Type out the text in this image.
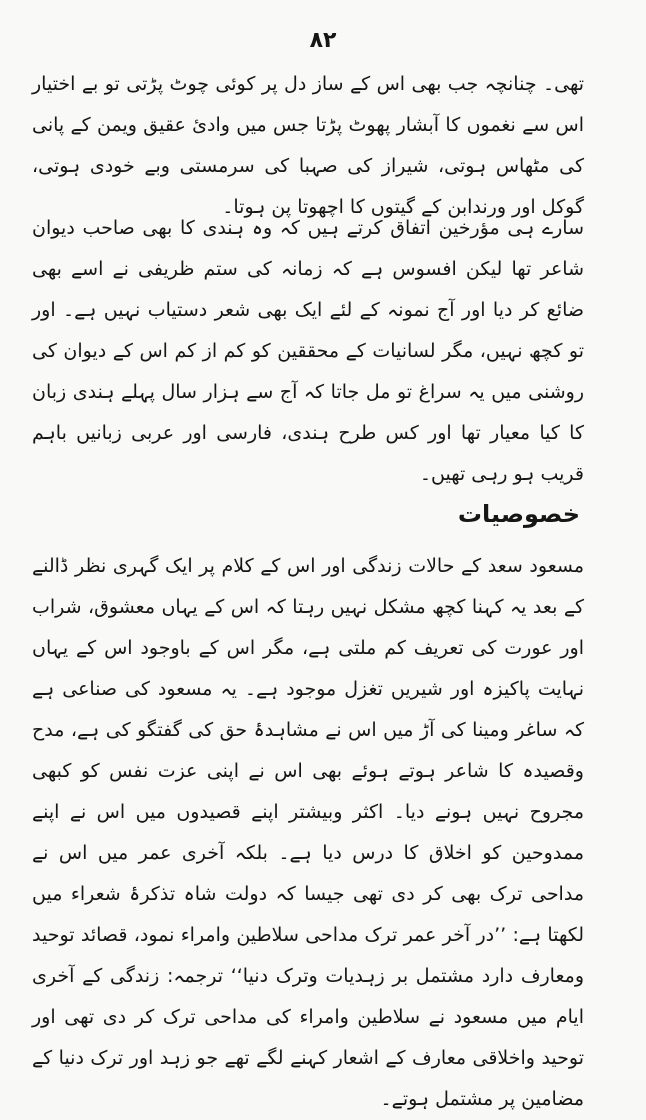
۸۲

تھی۔ چنانچہ جب بھی اس کے ساز دل پر کوئی چوٹ پڑتی تو بے اختیار اس سے نغموں کا آبشار پھوٹ پڑتا جس میں وادیٔ عقیق ویمن کے پانی کی مٹھاس ہوتی، شیراز کی صہبا کی سرمستی وبے خودی ہوتی، گوکل اور ورندابن کے گیتوں کا اچھوتا پن ہوتا۔

سارے ہی مؤرخین اتفاق کرتے ہیں کہ وہ ہندی کا بھی صاحب دیوان شاعر تھا لیکن افسوس ہے کہ زمانہ کی ستم ظریفی نے اسے بھی ضائع کر دیا اور آج نمونہ کے لئے ایک بھی شعر دستیاب نہیں ہے۔ اور تو کچھ نہیں، مگر لسانیات کے محققین کو کم از کم اس کے دیوان کی روشنی میں یہ سراغ تو مل جاتا کہ آج سے ہزار سال پہلے ہندی زبان کا کیا معیار تھا اور کس طرح ہندی، فارسی اور عربی زبانیں باہم قریب ہو رہی تھیں۔

خصوصیات

مسعود سعد کے حالات زندگی اور اس کے کلام پر ایک گہری نظر ڈالنے کے بعد یہ کہنا کچھ مشکل نہیں رہتا کہ اس کے یہاں معشوق، شراب اور عورت کی تعریف کم ملتی ہے، مگر اس کے باوجود اس کے یہاں نہایت پاکیزہ اور شیریں تغزل موجود ہے۔ یہ مسعود کی صناعی ہے کہ ساغر ومینا کی آڑ میں اس نے مشاہدۂ حق کی گفتگو کی ہے، مدح وقصیدہ کا شاعر ہوتے ہوئے بھی اس نے اپنی عزت نفس کو کبھی مجروح نہیں ہونے دیا۔ اکثر وبیشتر اپنے قصیدوں میں اس نے اپنے ممدوحین کو اخلاق کا درس دیا ہے۔ بلکہ آخری عمر میں اس نے مداحی ترک بھی کر دی تھی جیسا کہ دولت شاہ تذکرۂ شعراء میں لکھتا ہے: ’’در آخر عمر ترک مداحی سلاطین وامراء نمود، قصائد توحید ومعارف دارد مشتمل بر زہدیات وترک دنیا‘‘ ترجمہ: زندگی کے آخری ایام میں مسعود نے سلاطین وامراء کی مداحی ترک کر دی تھی اور توحید واخلاقی معارف کے اشعار کہنے لگے تھے جو زہد اور ترک دنیا کے مضامین پر مشتمل ہوتے۔
